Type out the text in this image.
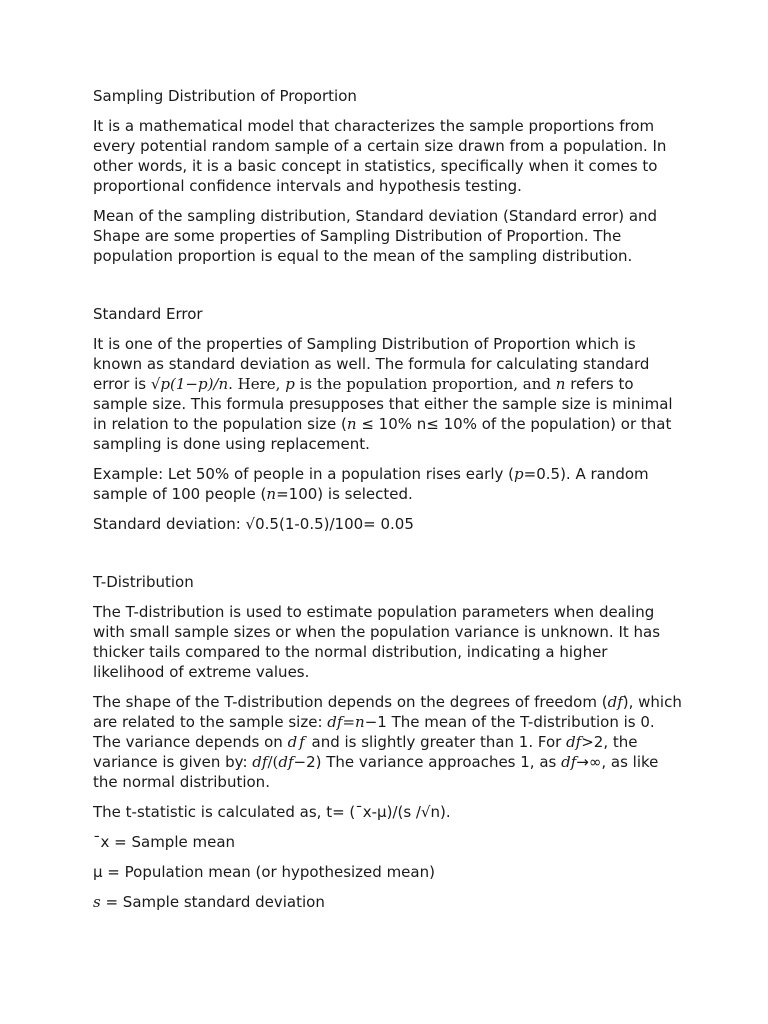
Sampling Distribution of Proportion

It is a mathematical model that characterizes the sample proportions from every potential random sample of a certain size drawn from a population. In other words, it is a basic concept in statistics, specifically when it comes to proportional confidence intervals and hypothesis testing.

Mean of the sampling distribution, Standard deviation (Standard error) and Shape are some properties of Sampling Distribution of Proportion. The population proportion is equal to the mean of the sampling distribution.

Standard Error

It is one of the properties of Sampling Distribution of Proportion which is known as standard deviation as well. The formula for calculating standard error is √p(1−p)/n. Here, p is the population proportion, and n refers to sample size. This formula presupposes that either the sample size is minimal in relation to the population size (n ≤ 10% n≤ 10% of the population) or that sampling is done using replacement.

Example: Let 50% of people in a population rises early (p=0.5). A random sample of 100 people (n=100) is selected.

Standard deviation: √0.5(1-0.5)/100= 0.05

T-Distribution

The T-distribution is used to estimate population parameters when dealing with small sample sizes or when the population variance is unknown. It has thicker tails compared to the normal distribution, indicating a higher likelihood of extreme values.

The shape of the T-distribution depends on the degrees of freedom (df), which are related to the sample size: df=n−1 The mean of the T-distribution is 0. The variance depends on df and is slightly greater than 1. For df>2, the variance is given by: df/(df−2) The variance approaches 1, as df→∞, as like the normal distribution.

The t-statistic is calculated as, t= (ˉx-μ)/(s /√n).

ˉx = Sample mean

μ = Population mean (or hypothesized mean)

s = Sample standard deviation
